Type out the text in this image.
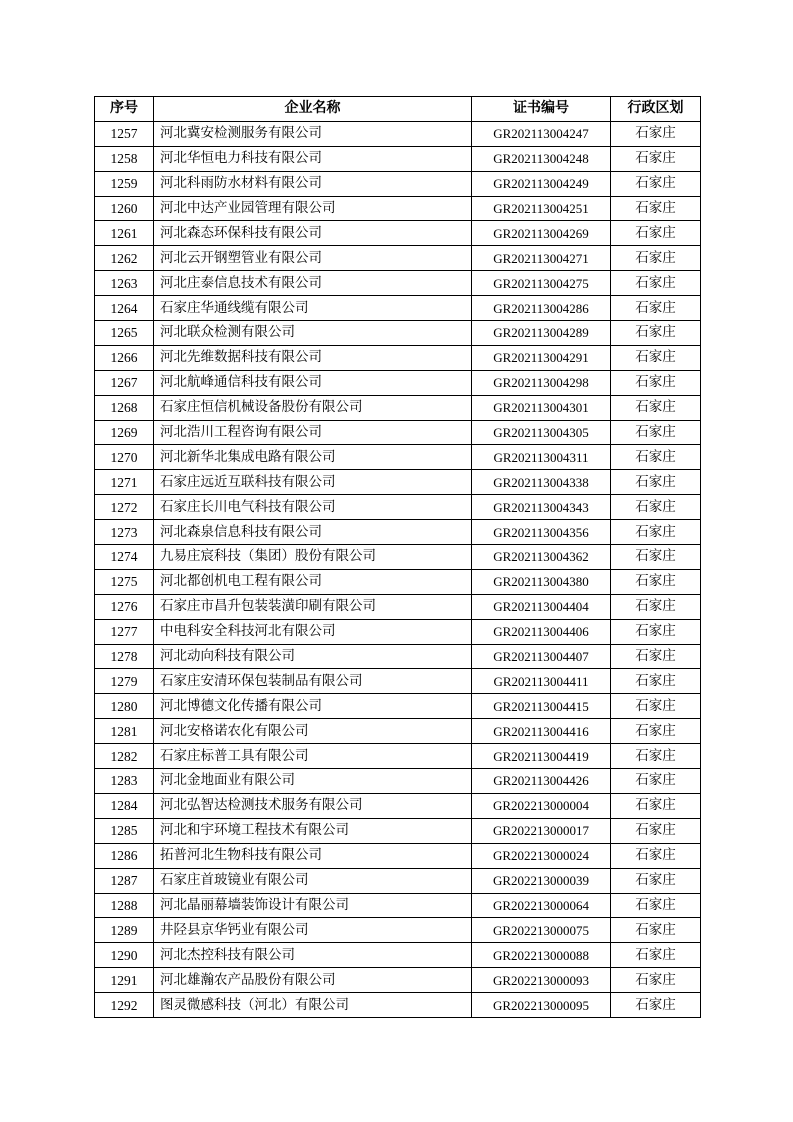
序号	企业名称	证书编号	行政区划
1257	河北冀安检测服务有限公司	GR202113004247	石家庄
1258	河北华恒电力科技有限公司	GR202113004248	石家庄
1259	河北科雨防水材料有限公司	GR202113004249	石家庄
1260	河北中达产业园管理有限公司	GR202113004251	石家庄
1261	河北森态环保科技有限公司	GR202113004269	石家庄
1262	河北云开钢塑管业有限公司	GR202113004271	石家庄
1263	河北庄泰信息技术有限公司	GR202113004275	石家庄
1264	石家庄华通线缆有限公司	GR202113004286	石家庄
1265	河北联众检测有限公司	GR202113004289	石家庄
1266	河北先维数据科技有限公司	GR202113004291	石家庄
1267	河北航峰通信科技有限公司	GR202113004298	石家庄
1268	石家庄恒信机械设备股份有限公司	GR202113004301	石家庄
1269	河北浩川工程咨询有限公司	GR202113004305	石家庄
1270	河北新华北集成电路有限公司	GR202113004311	石家庄
1271	石家庄远近互联科技有限公司	GR202113004338	石家庄
1272	石家庄长川电气科技有限公司	GR202113004343	石家庄
1273	河北森泉信息科技有限公司	GR202113004356	石家庄
1274	九易庄宸科技（集团）股份有限公司	GR202113004362	石家庄
1275	河北都创机电工程有限公司	GR202113004380	石家庄
1276	石家庄市昌升包装装潢印刷有限公司	GR202113004404	石家庄
1277	中电科安全科技河北有限公司	GR202113004406	石家庄
1278	河北动向科技有限公司	GR202113004407	石家庄
1279	石家庄安清环保包装制品有限公司	GR202113004411	石家庄
1280	河北博德文化传播有限公司	GR202113004415	石家庄
1281	河北安格诺农化有限公司	GR202113004416	石家庄
1282	石家庄标普工具有限公司	GR202113004419	石家庄
1283	河北金地面业有限公司	GR202113004426	石家庄
1284	河北弘智达检测技术服务有限公司	GR202213000004	石家庄
1285	河北和宇环境工程技术有限公司	GR202213000017	石家庄
1286	拓普河北生物科技有限公司	GR202213000024	石家庄
1287	石家庄首玻镜业有限公司	GR202213000039	石家庄
1288	河北晶丽幕墙装饰设计有限公司	GR202213000064	石家庄
1289	井陉县京华钙业有限公司	GR202213000075	石家庄
1290	河北杰控科技有限公司	GR202213000088	石家庄
1291	河北雄瀚农产品股份有限公司	GR202213000093	石家庄
1292	图灵微感科技（河北）有限公司	GR202213000095	石家庄
